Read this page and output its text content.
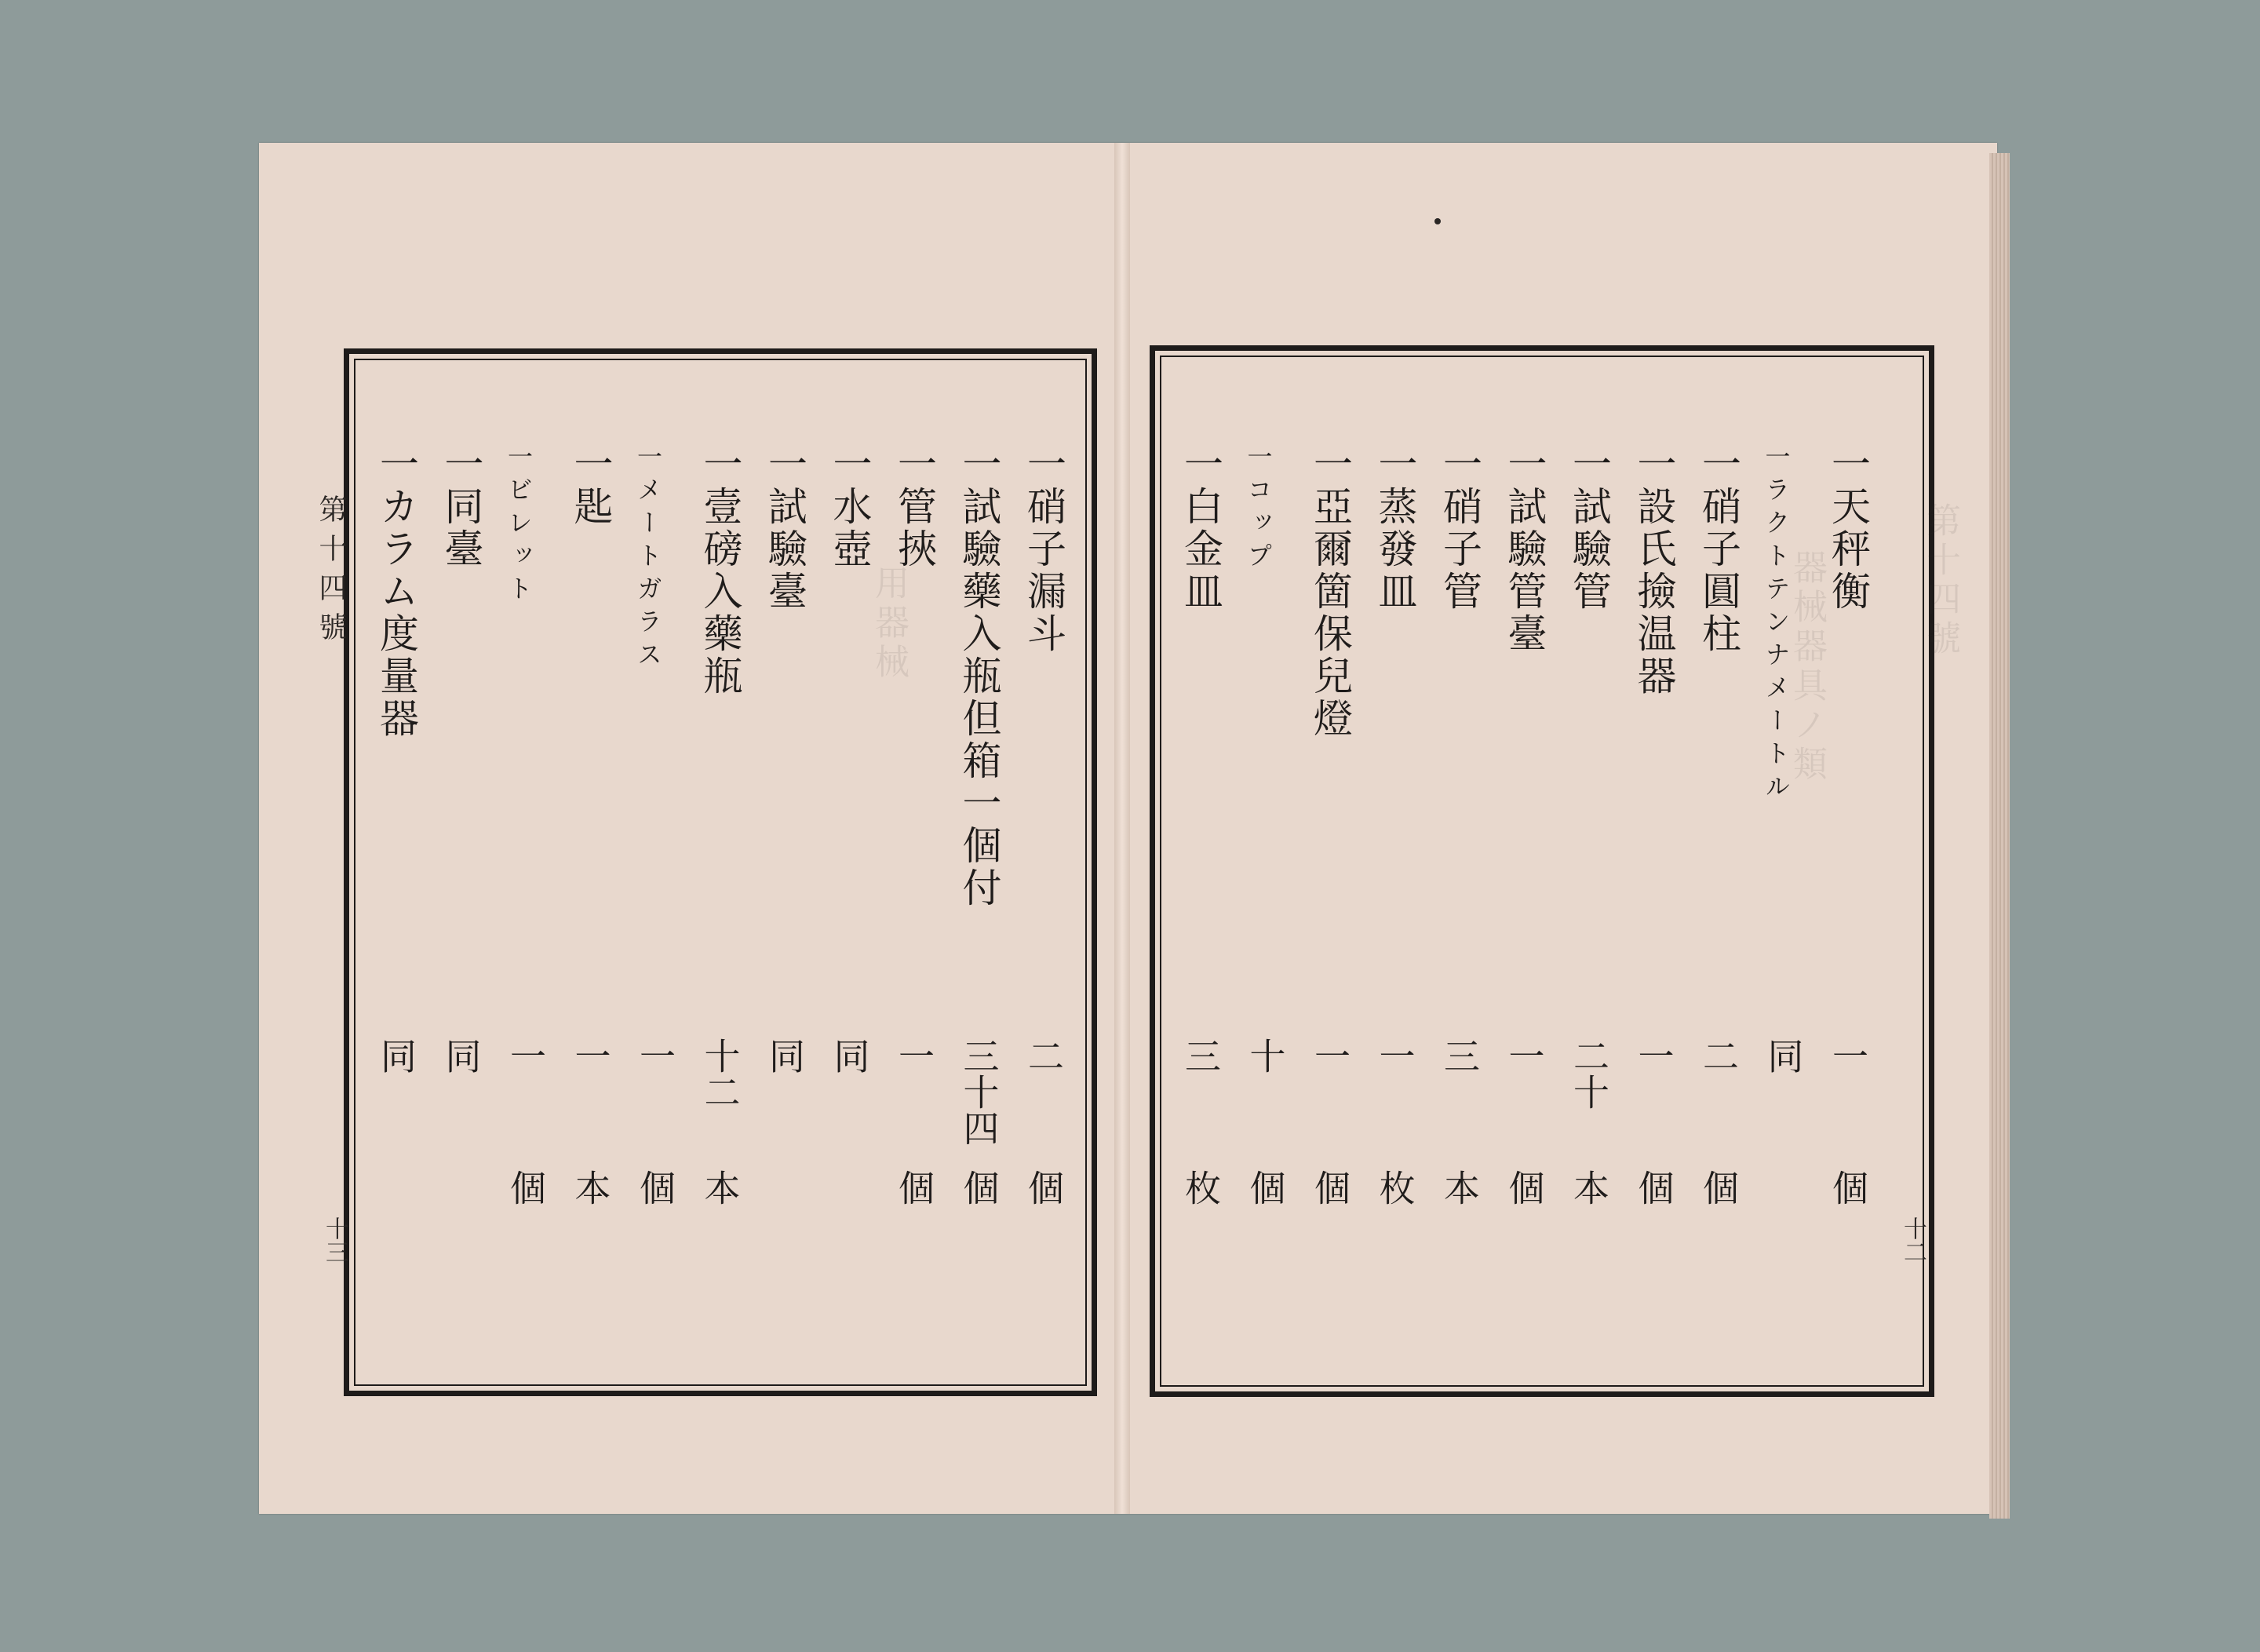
第十四號
十三	十二
第十四號
器械器具ノ類
用器械
一天秤衡
一
個
一ラクトテンナメートル
同
一硝子圓柱
二
個
一設氏撿温器
一
個
一試驗管
二十
本
一試驗管臺
一
個
一硝子管
三
本
一蒸發皿
一
枚
一亞爾箇保兒燈
一
個
一コップ
十
個
一白金皿
三
枚
一硝子漏斗
二
個
一試驗藥入瓶但箱一個付
三十四
個
一管挾
一
個
一水壺
同
一試驗臺
同
一壹磅入藥瓶
十二
本
一メートガラス
一
個
一匙
一
本
一ビレット
一
個
一同臺
同
一カラム度量器
同
